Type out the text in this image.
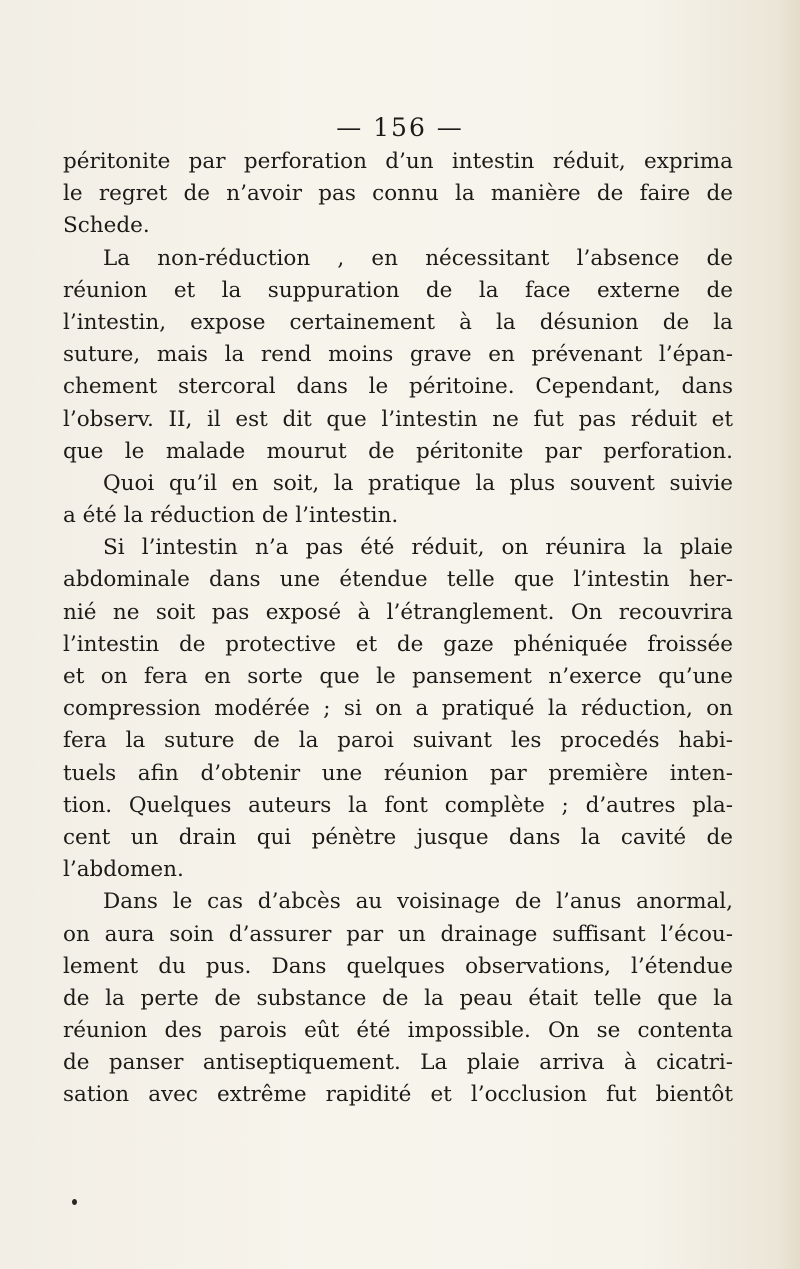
— 156 —
péritonite par perforation d’un intestin réduit, exprima
le regret de n’avoir pas connu la manière de faire de
Schede.
La non-réduction , en nécessitant l’absence de
réunion et la suppuration de la face externe de
l’intestin, expose certainement à la désunion de la
suture, mais la rend moins grave en prévenant l’épan-
chement stercoral dans le péritoine. Cependant, dans
l’observ. II, il est dit que l’intestin ne fut pas réduit et
que le malade mourut de péritonite par perforation.
Quoi qu’il en soit, la pratique la plus souvent suivie
a été la réduction de l’intestin.
Si l’intestin n’a pas été réduit, on réunira la plaie
abdominale dans une étendue telle que l’intestin her-
nié ne soit pas exposé à l’étranglement. On recouvrira
l’intestin de protective et de gaze phéniquée froissée
et on fera en sorte que le pansement n’exerce qu’une
compression modérée ; si on a pratiqué la réduction, on
fera la suture de la paroi suivant les procedés habi-
tuels afin d’obtenir une réunion par première inten-
tion. Quelques auteurs la font complète ; d’autres pla-
cent un drain qui pénètre jusque dans la cavité de
l’abdomen.
Dans le cas d’abcès au voisinage de l’anus anormal,
on aura soin d’assurer par un drainage suffisant l’écou-
lement du pus. Dans quelques observations, l’étendue
de la perte de substance de la peau était telle que la
réunion des parois eût été impossible. On se contenta
de panser antiseptiquement. La plaie arriva à cicatri-
sation avec extrême rapidité et l’occlusion fut bientôt
